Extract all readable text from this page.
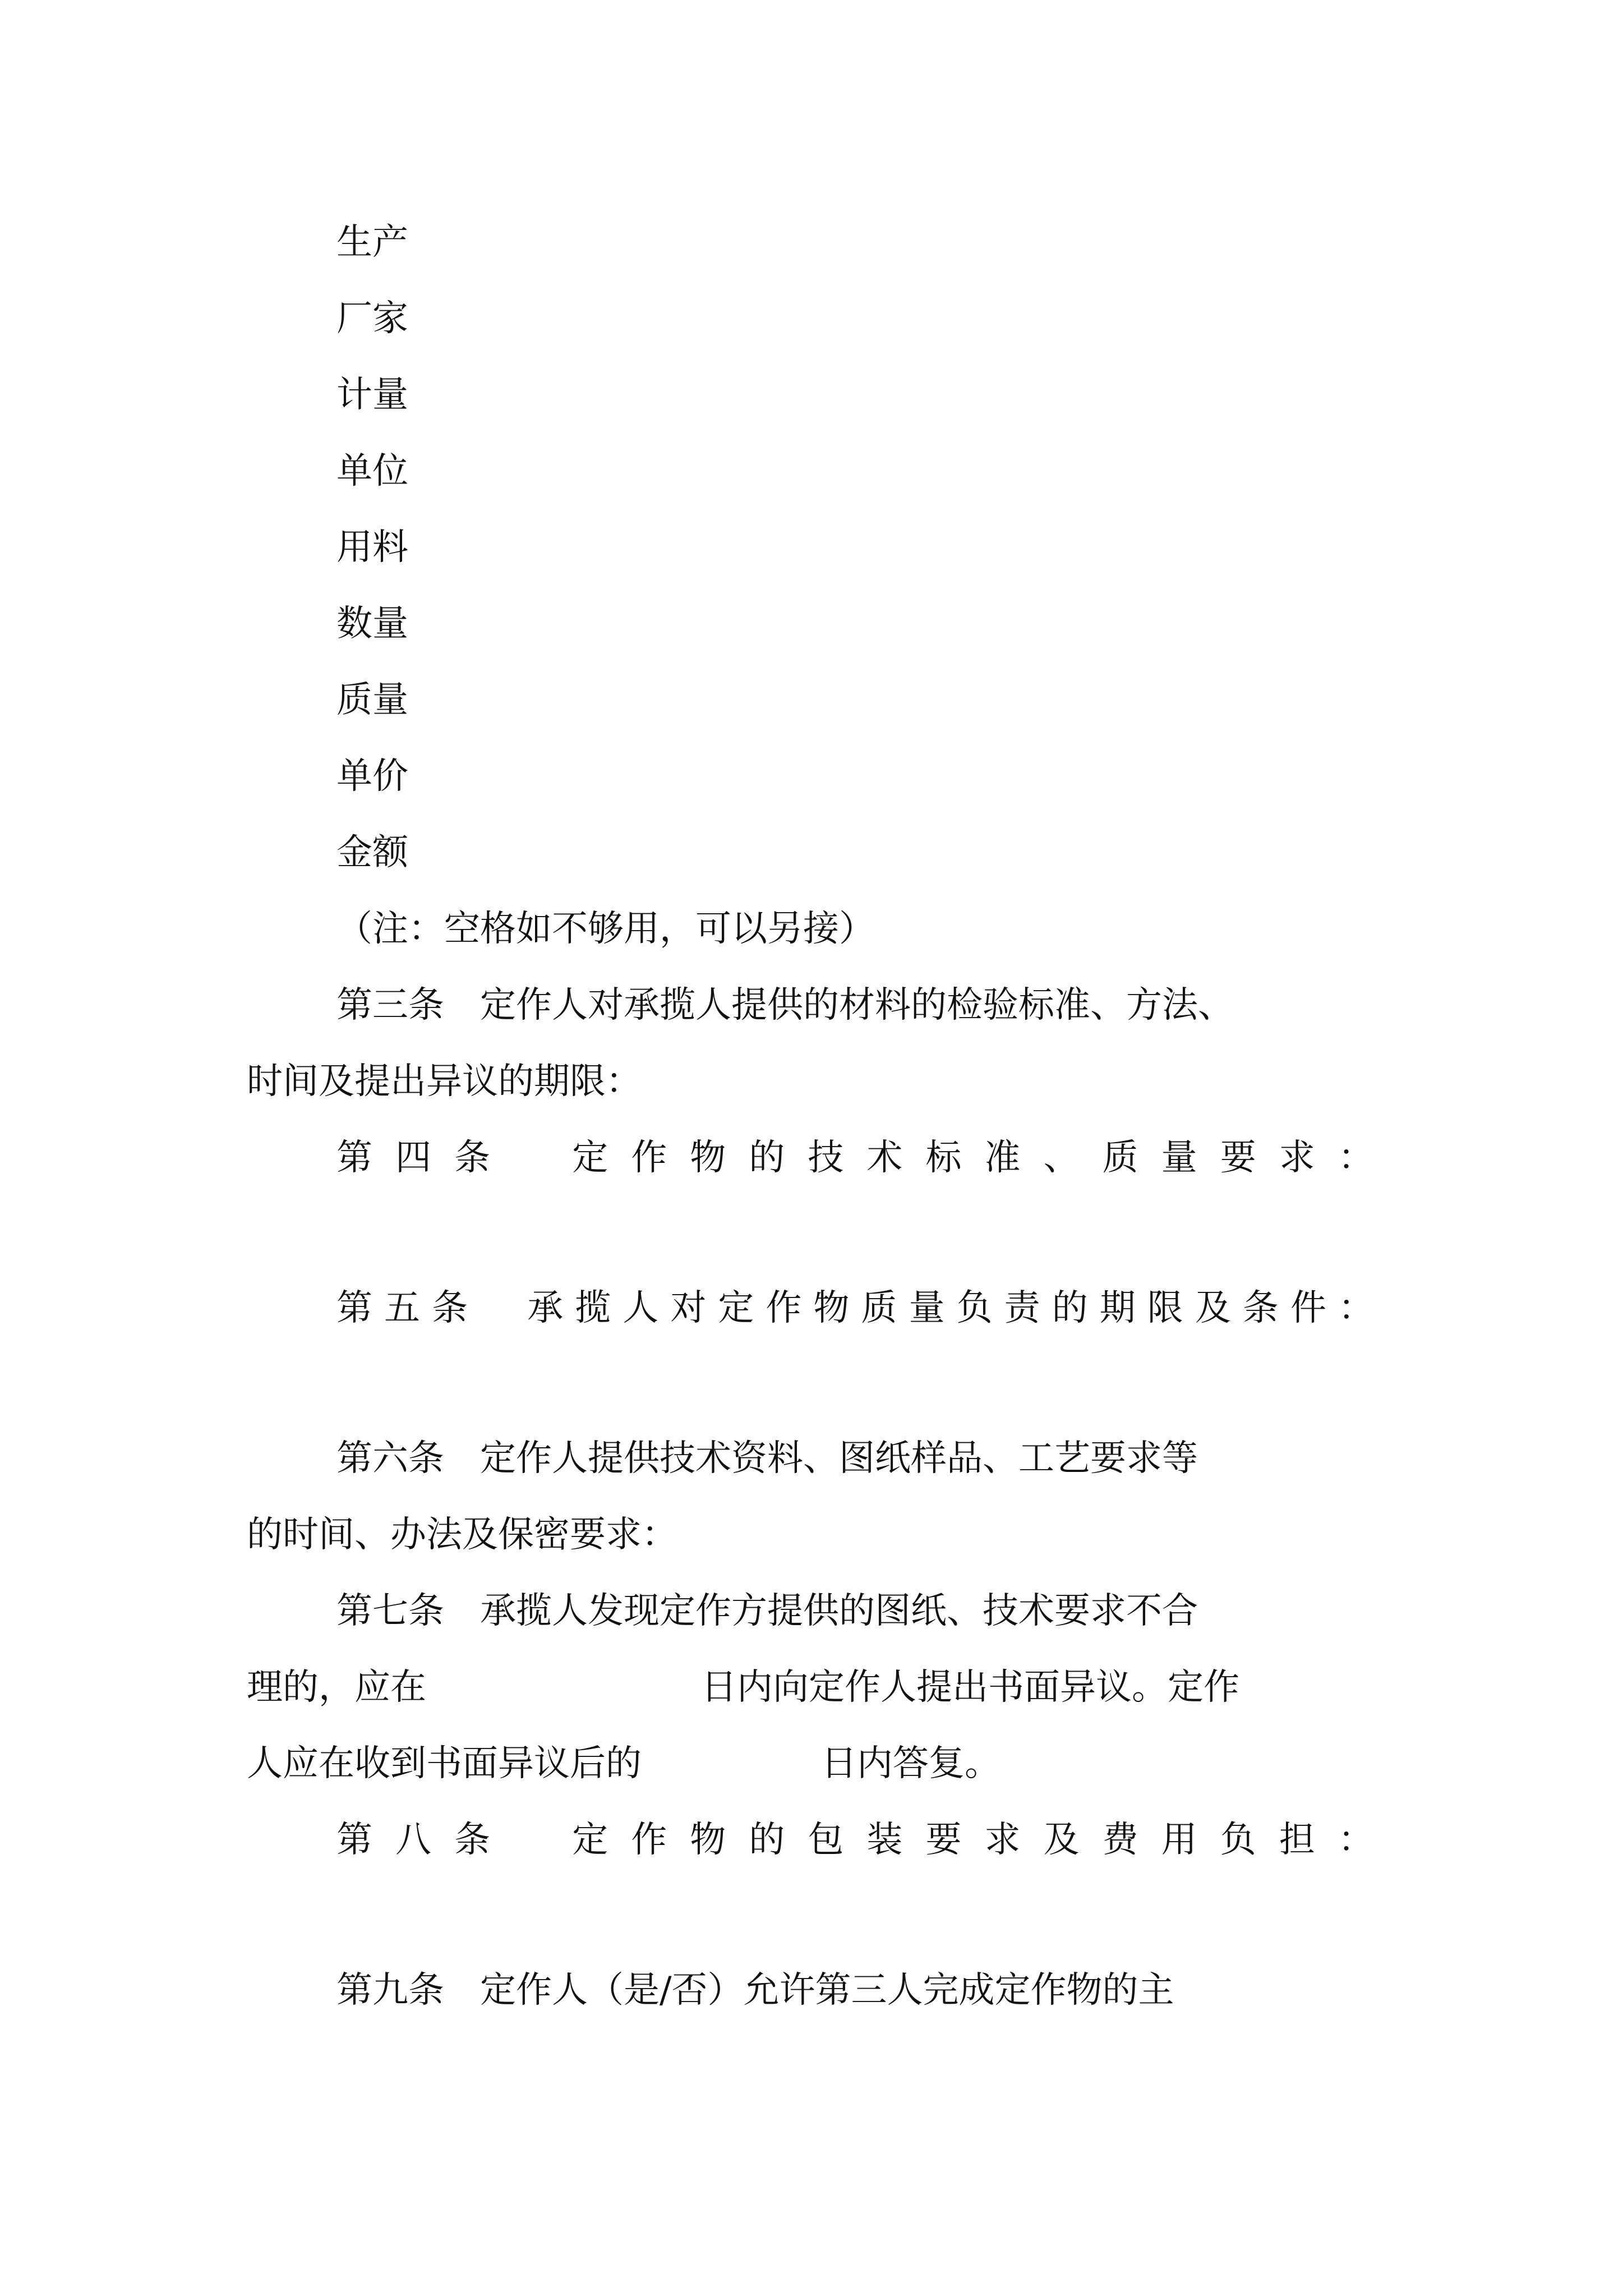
生产

厂家

计量

单位

用料

数量

质量

单价

金额

（注：空格如不够用，可以另接）

第三条　定作人对承揽人提供的材料的检验标准、方法、

时间及提出异议的期限：

第 四 条
　 定 作 物 的 技 术 标 准 、 质 量 要 求 ：

第 五 条
　 承 揽 人 对 定 作 物 质 量 负 责 的 期 限 及 条 件 ：

第六条　定作人提供技术资料、图纸样品、工艺要求等

的时间、办法及保密要求：

第七条　承揽人发现定作方提供的图纸、技术要求不合

理的，应在	日内向定作人提出书面异议。定作

人应在收到书面异议后的	日内答复。

第 八 条
　 定 作 物 的 包 装 要 求 及 费 用 负 担 ：

第九条　定作人（是/否）允许第三人完成定作物的主
